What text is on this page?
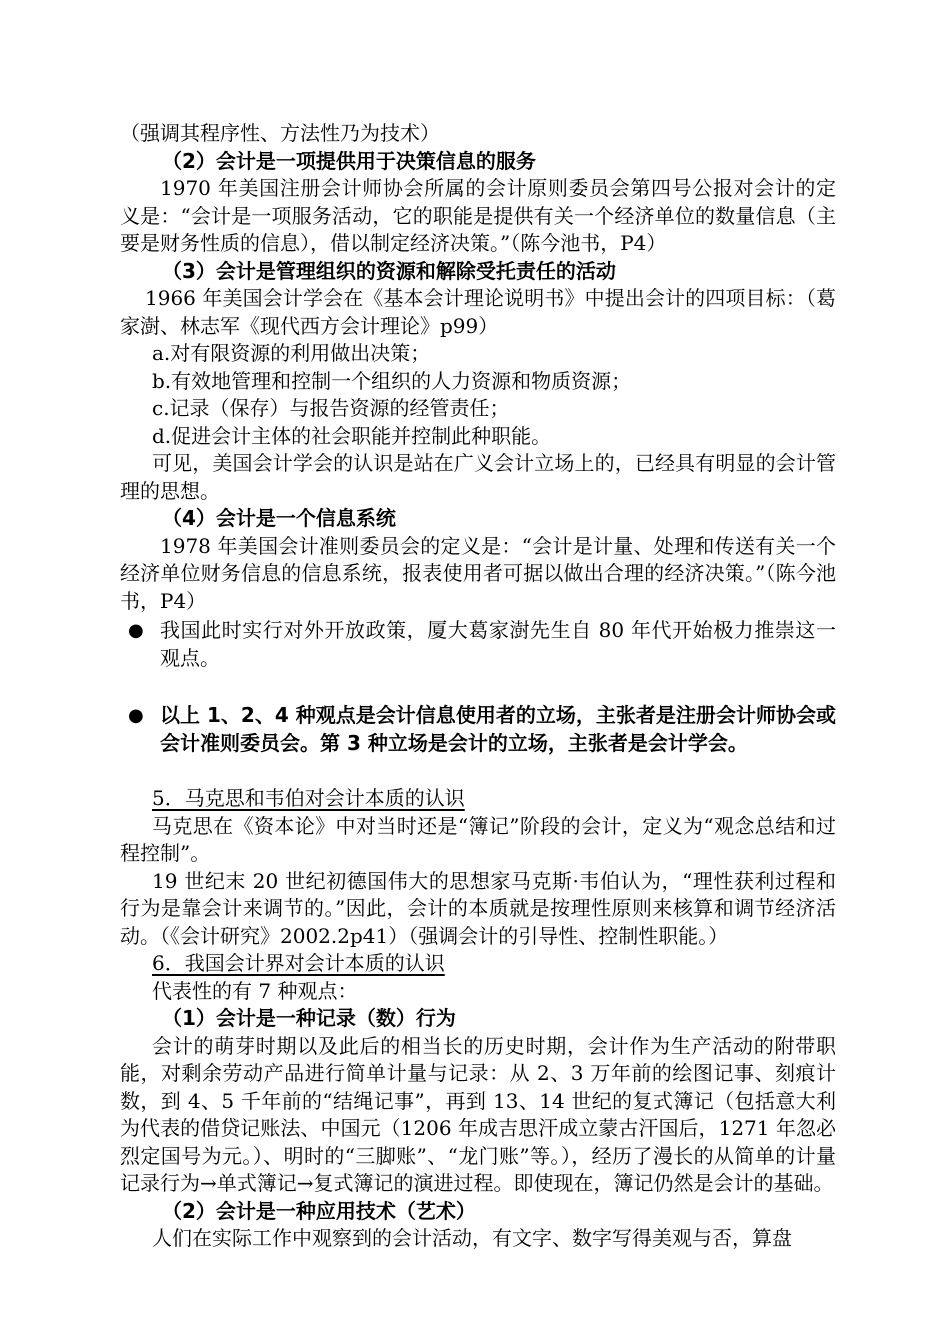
（强调其程序性、方法性乃为技术）

（2）会计是一项提供用于决策信息的服务

1970 年美国注册会计师协会所属的会计原则委员会第四号公报对会计的定义是：“会计是一项服务活动，它的职能是提供有关一个经济单位的数量信息（主要是财务性质的信息），借以制定经济决策。”（陈今池书，P4）

（3）会计是管理组织的资源和解除受托责任的活动

1966 年美国会计学会在《基本会计理论说明书》中提出会计的四项目标：（葛家澍、林志军《现代西方会计理论》p99）

a.对有限资源的利用做出决策；

b.有效地管理和控制一个组织的人力资源和物质资源；

c.记录（保存）与报告资源的经管责任；

d.促进会计主体的社会职能并控制此种职能。

可见，美国会计学会的认识是站在广义会计立场上的，已经具有明显的会计管理的思想。

（4）会计是一个信息系统

1978 年美国会计准则委员会的定义是：“会计是计量、处理和传送有关一个经济单位财务信息的信息系统，报表使用者可据以做出合理的经济决策。”（陈今池书，P4）

● 我国此时实行对外开放政策，厦大葛家澍先生自 80 年代开始极力推崇这一观点。
● 以上 1、2、4 种观点是会计信息使用者的立场，主张者是注册会计师协会或会计准则委员会。第 3 种立场是会计的立场，主张者是会计学会。

5．马克思和韦伯对会计本质的认识

马克思在《资本论》中对当时还是“簿记”阶段的会计，定义为“观念总结和过程控制”。

19 世纪末 20 世纪初德国伟大的思想家马克斯·韦伯认为，“理性获利过程和行为是靠会计来调节的。”因此，会计的本质就是按理性原则来核算和调节经济活动。（《会计研究》2002.2p41）（强调会计的引导性、控制性职能。）

6．我国会计界对会计本质的认识

代表性的有 7 种观点：

（1）会计是一种记录（数）行为

会计的萌芽时期以及此后的相当长的历史时期，会计作为生产活动的附带职能，对剩余劳动产品进行简单计量与记录：从 2、3 万年前的绘图记事、刻痕计数，到 4、5 千年前的“结绳记事”，再到 13、14 世纪的复式簿记（包括意大利为代表的借贷记账法、中国元（1206 年成吉思汗成立蒙古汗国后，1271 年忽必烈定国号为元。）、明时的“三脚账”、“龙门账”等。），经历了漫长的从简单的计量记录行为→单式簿记→复式簿记的演进过程。即使现在，簿记仍然是会计的基础。

（2）会计是一种应用技术（艺术）

人们在实际工作中观察到的会计活动，有文字、数字写得美观与否，算盘
